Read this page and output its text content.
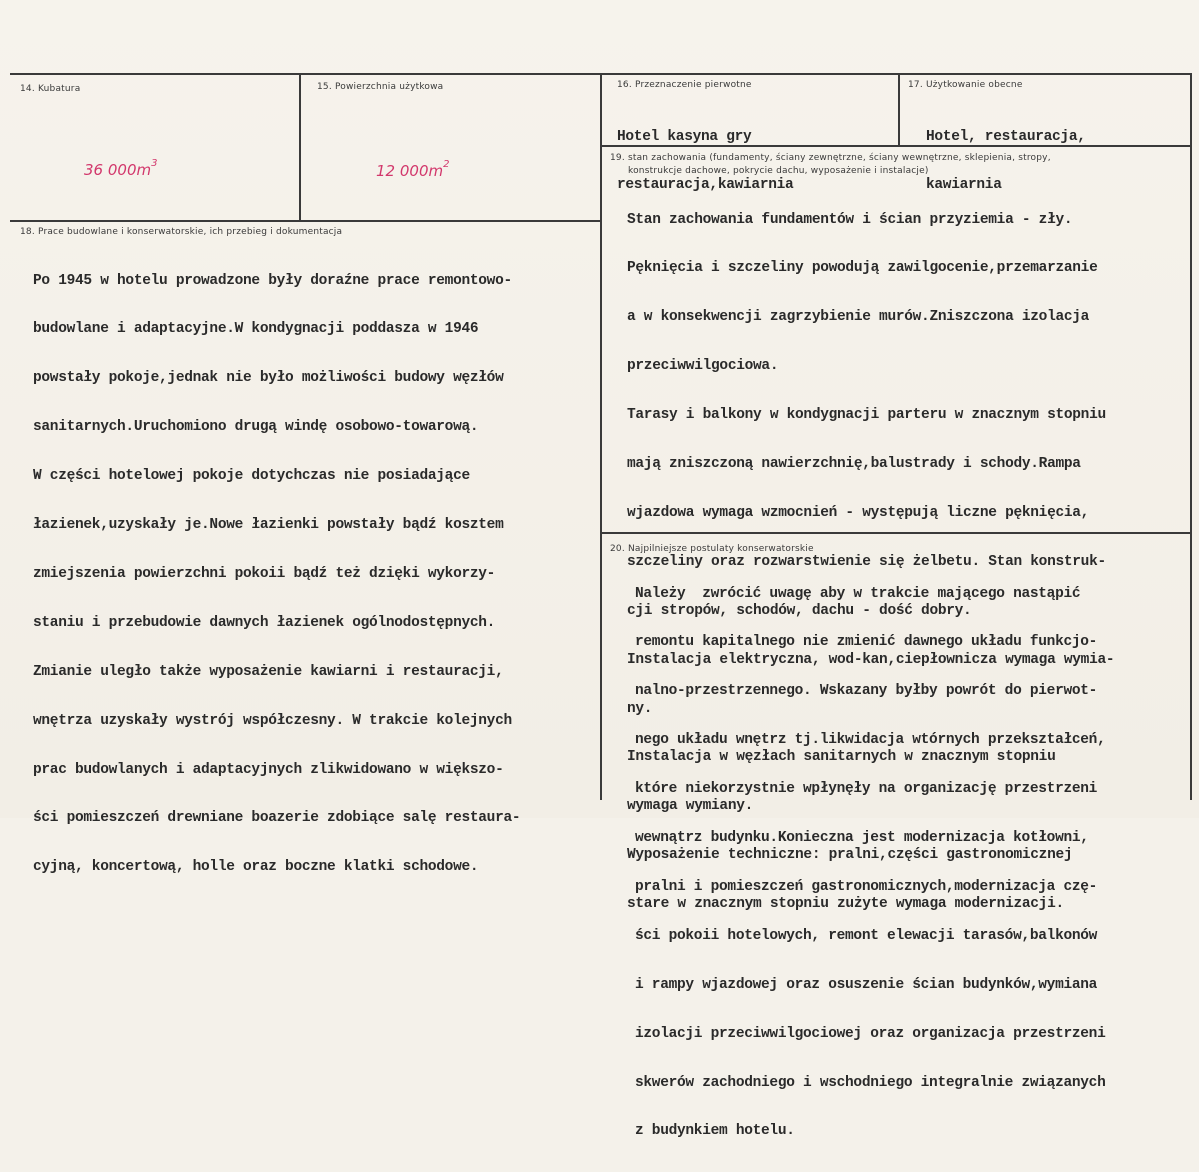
14. Kubatura
36 $000m^3$
15. Powierzchnia użytkowa
12 $000m^2$
16. Przeznaczenie pierwotne

Hotel kasyna gry

restauracja,kawiarnia

17. Użytkowanie obecne

Hotel, restauracja,

kawiarnia

18. Prace budowlane i konserwatorskie, ich przebieg i dokumentacja

Po 1945 w hotelu prowadzone były doraźne prace remontowo-

budowlane i adaptacyjne.W kondygnacji poddasza w 1946

powstały pokoje,jednak nie było możliwości budowy węzłów

sanitarnych.Uruchomiono drugą windę osobowo-towarową.

W części hotelowej pokoje dotychczas nie posiadające

łazienek,uzyskały je.Nowe łazienki powstały bądź kosztem

zmiejszenia powierzchni pokoii bądź też dzięki wykorzy-

staniu i przebudowie dawnych łazienek ogólnodostępnych.

Zmianie uległo także wyposażenie kawiarni i restauracji,

wnętrza uzyskały wystrój współczesny. W trakcie kolejnych

prac budowlanych i adaptacyjnych zlikwidowano w większo-

ści pomieszczeń drewniane boazerie zdobiące salę restaura-

cyjną, koncertową, holle oraz boczne klatki schodowe.

19. stan zachowania (fundamenty, ściany zewnętrzne, ściany wewnętrzne, sklepienia, stropy,
konstrukcje dachowe, pokrycie dachu, wyposażenie i instalacje)

Stan zachowania fundamentów i ścian przyziemia - zły.

Pęknięcia i szczeliny powodują zawilgocenie,przemarzanie

a w konsekwencji zagrzybienie murów.Zniszczona izolacja

przeciwwilgociowa.

Tarasy i balkony w kondygnacji parteru w znacznym stopniu

mają zniszczoną nawierzchnię,balustrady i schody.Rampa

wjazdowa wymaga wzmocnień - występują liczne pęknięcia,

szczeliny oraz rozwarstwienie się żelbetu. Stan konstruk-

cji stropów, schodów, dachu - dość dobry.

Instalacja elektryczna, wod-kan,ciepłownicza wymaga wymia-

ny.

Instalacja w węzłach sanitarnych w znacznym stopniu

wymaga wymiany.

Wyposażenie techniczne: pralni,części gastronomicznej

stare w znacznym stopniu zużyte wymaga modernizacji.

20. Najpilniejsze postulaty konserwatorskie

Należy  zwrócić uwagę aby w trakcie mającego nastąpić

remontu kapitalnego nie zmienić dawnego układu funkcjo-

nalno-przestrzennego. Wskazany byłby powrót do pierwot-

nego układu wnętrz tj.likwidacja wtórnych przekształceń,

które niekorzystnie wpłynęły na organizację przestrzeni

wewnątrz budynku.Konieczna jest modernizacja kotłowni,

pralni i pomieszczeń gastronomicznych,modernizacja czę-

ści pokoii hotelowych, remont elewacji tarasów,balkonów

i rampy wjazdowej oraz osuszenie ścian budynków,wymiana

izolacji przeciwwilgociowej oraz organizacja przestrzeni

skwerów zachodniego i wschodniego integralnie związanych

z budynkiem hotelu.
